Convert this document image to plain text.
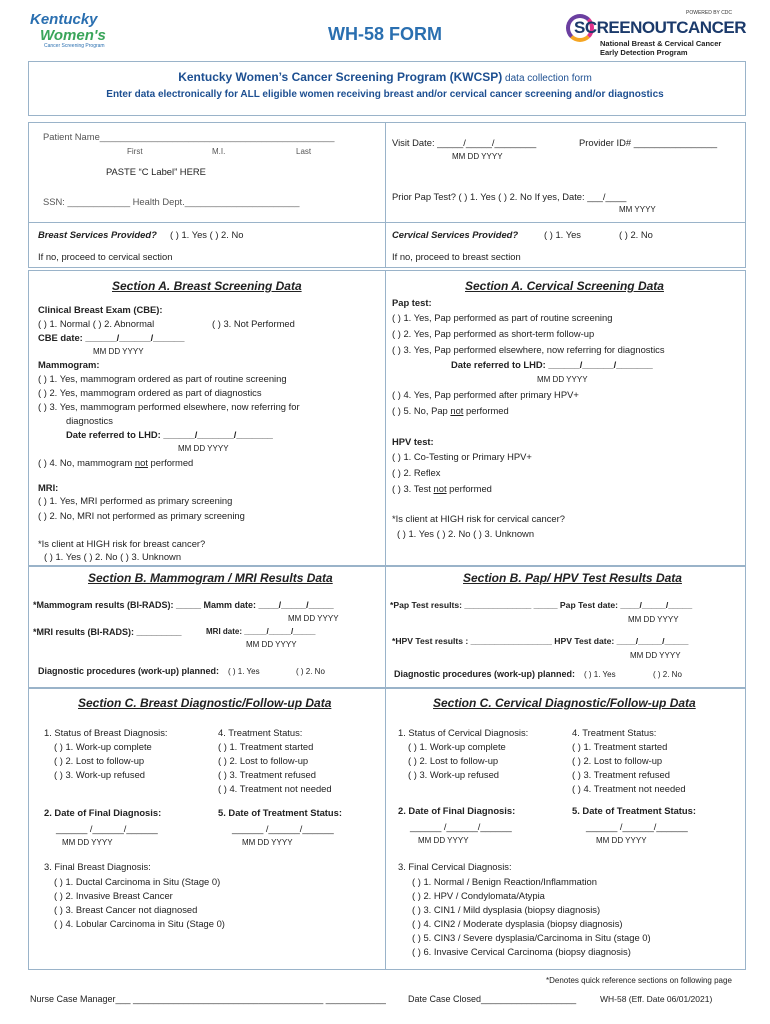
Kentucky
Women's
Cancer Screening Program
WH-58 FORM
POWERED BY CDC
SCREENOUTCANCER
National Breast & Cervical Cancer
Early Detection Program
Kentucky Women’s Cancer Screening Program (KWCSP) data collection form
Enter data electronically for ALL eligible women receiving breast and/or cervical cancer screening and/or diagnostics
Patient Name_____________________________________________
First	M.I.	Last
PASTE “C Label” HERE
SSN: ____________ Health Dept.______________________
Visit Date: _____/_____/________
MM DD YYYY
Provider ID# ________________
Prior Pap Test? ( ) 1. Yes ( ) 2. No If yes, Date: ___/____
MM YYYY
Breast Services Provided? ( ) 1. Yes ( ) 2. No
If no, proceed to cervical section
Cervical Services Provided?	( ) 1. Yes	( ) 2. No
If no, proceed to breast section
Section A. Breast Screening Data
Clinical Breast Exam (CBE):
( ) 1. Normal ( ) 2. Abnormal	( ) 3. Not Performed
CBE date: ______/______/______
MM DD YYYY
Mammogram:
( ) 1. Yes, mammogram ordered as part of routine screening
( ) 2. Yes, mammogram ordered as part of diagnostics
( ) 3. Yes, mammogram performed elsewhere, now referring for
diagnostics
Date referred to LHD: ______/_______/_______
MM DD YYYY
( ) 4. No, mammogram not performed
MRI:
( ) 1. Yes, MRI performed as primary screening
( ) 2. No, MRI not performed as primary screening
*Is client at HIGH risk for breast cancer?
( ) 1. Yes ( ) 2. No ( ) 3. Unknown
Section A. Cervical Screening Data
Pap test:
( ) 1. Yes, Pap performed as part of routine screening
( ) 2. Yes, Pap performed as short-term follow-up
( ) 3. Yes, Pap performed elsewhere, now referring for diagnostics
Date referred to LHD: ______/______/_______
MM DD YYYY
( ) 4. Yes, Pap performed after primary HPV+
( ) 5. No, Pap not performed
HPV test:
( ) 1. Co-Testing or Primary HPV+
( ) 2. Reflex
( ) 3. Test not performed
*Is client at HIGH risk for cervical cancer?
( ) 1. Yes ( ) 2. No ( ) 3. Unknown
Section B. Mammogram / MRI Results Data
*Mammogram results (BI-RADS): _____ Mamm date: ____/_____/_____
MM DD YYYY
*MRI results (BI-RADS): _________	MRI date: _____/_____/_____
MM DD YYYY
Diagnostic procedures (work-up) planned: ( ) 1. Yes	( ) 2. No
Section B. Pap/ HPV Test Results Data
*Pap Test results: ______________ _____ Pap Test date: ____/_____/_____
MM DD YYYY
*HPV Test results : _________________ HPV Test date: ____/_____/_____
MM DD YYYY
Diagnostic procedures (work-up) planned: ( ) 1. Yes	( ) 2. No
Section C. Breast Diagnostic/Follow-up Data
1. Status of Breast Diagnosis:
( ) 1. Work-up complete
( ) 2. Lost to follow-up
( ) 3. Work-up refused
4. Treatment Status:
( ) 1. Treatment started
( ) 2. Lost to follow-up
( ) 3. Treatment refused
( ) 4. Treatment not needed
2. Date of Final Diagnosis:
______ /______/______
MM DD YYYY
5. Date of Treatment Status:
______ /______/______
MM DD YYYY
3. Final Breast Diagnosis:
( ) 1. Ductal Carcinoma in Situ (Stage 0)
( ) 2. Invasive Breast Cancer
( ) 3. Breast Cancer not diagnosed
( ) 4. Lobular Carcinoma in Situ (Stage 0)
Section C. Cervical Diagnostic/Follow-up Data
1. Status of Cervical Diagnosis:
( ) 1. Work-up complete
( ) 2. Lost to follow-up
( ) 3. Work-up refused
4. Treatment Status:
( ) 1. Treatment started
( ) 2. Lost to follow-up
( ) 3. Treatment refused
( ) 4. Treatment not needed
2. Date of Final Diagnosis:
______ /______/______
MM DD YYYY
5. Date of Treatment Status:
______ /______/______
MM DD YYYY
3. Final Cervical Diagnosis:
( ) 1. Normal / Benign Reaction/Inflammation
( ) 2. HPV / Condylomata/Atypia
( ) 3. CIN1 / Mild dysplasia (biopsy diagnosis)
( ) 4. CIN2 / Moderate dysplasia (biopsy diagnosis)
( ) 5. CIN3 / Severe dysplasia/Carcinoma in Situ (stage 0)
( ) 6. Invasive Cervical Carcinoma (biopsy diagnosis)
*Denotes quick reference sections on following page
Nurse Case Manager___ ______________________________________ ____________ Date Case Closed___________________	WH-58 (Eff. Date 06/01/2021)
